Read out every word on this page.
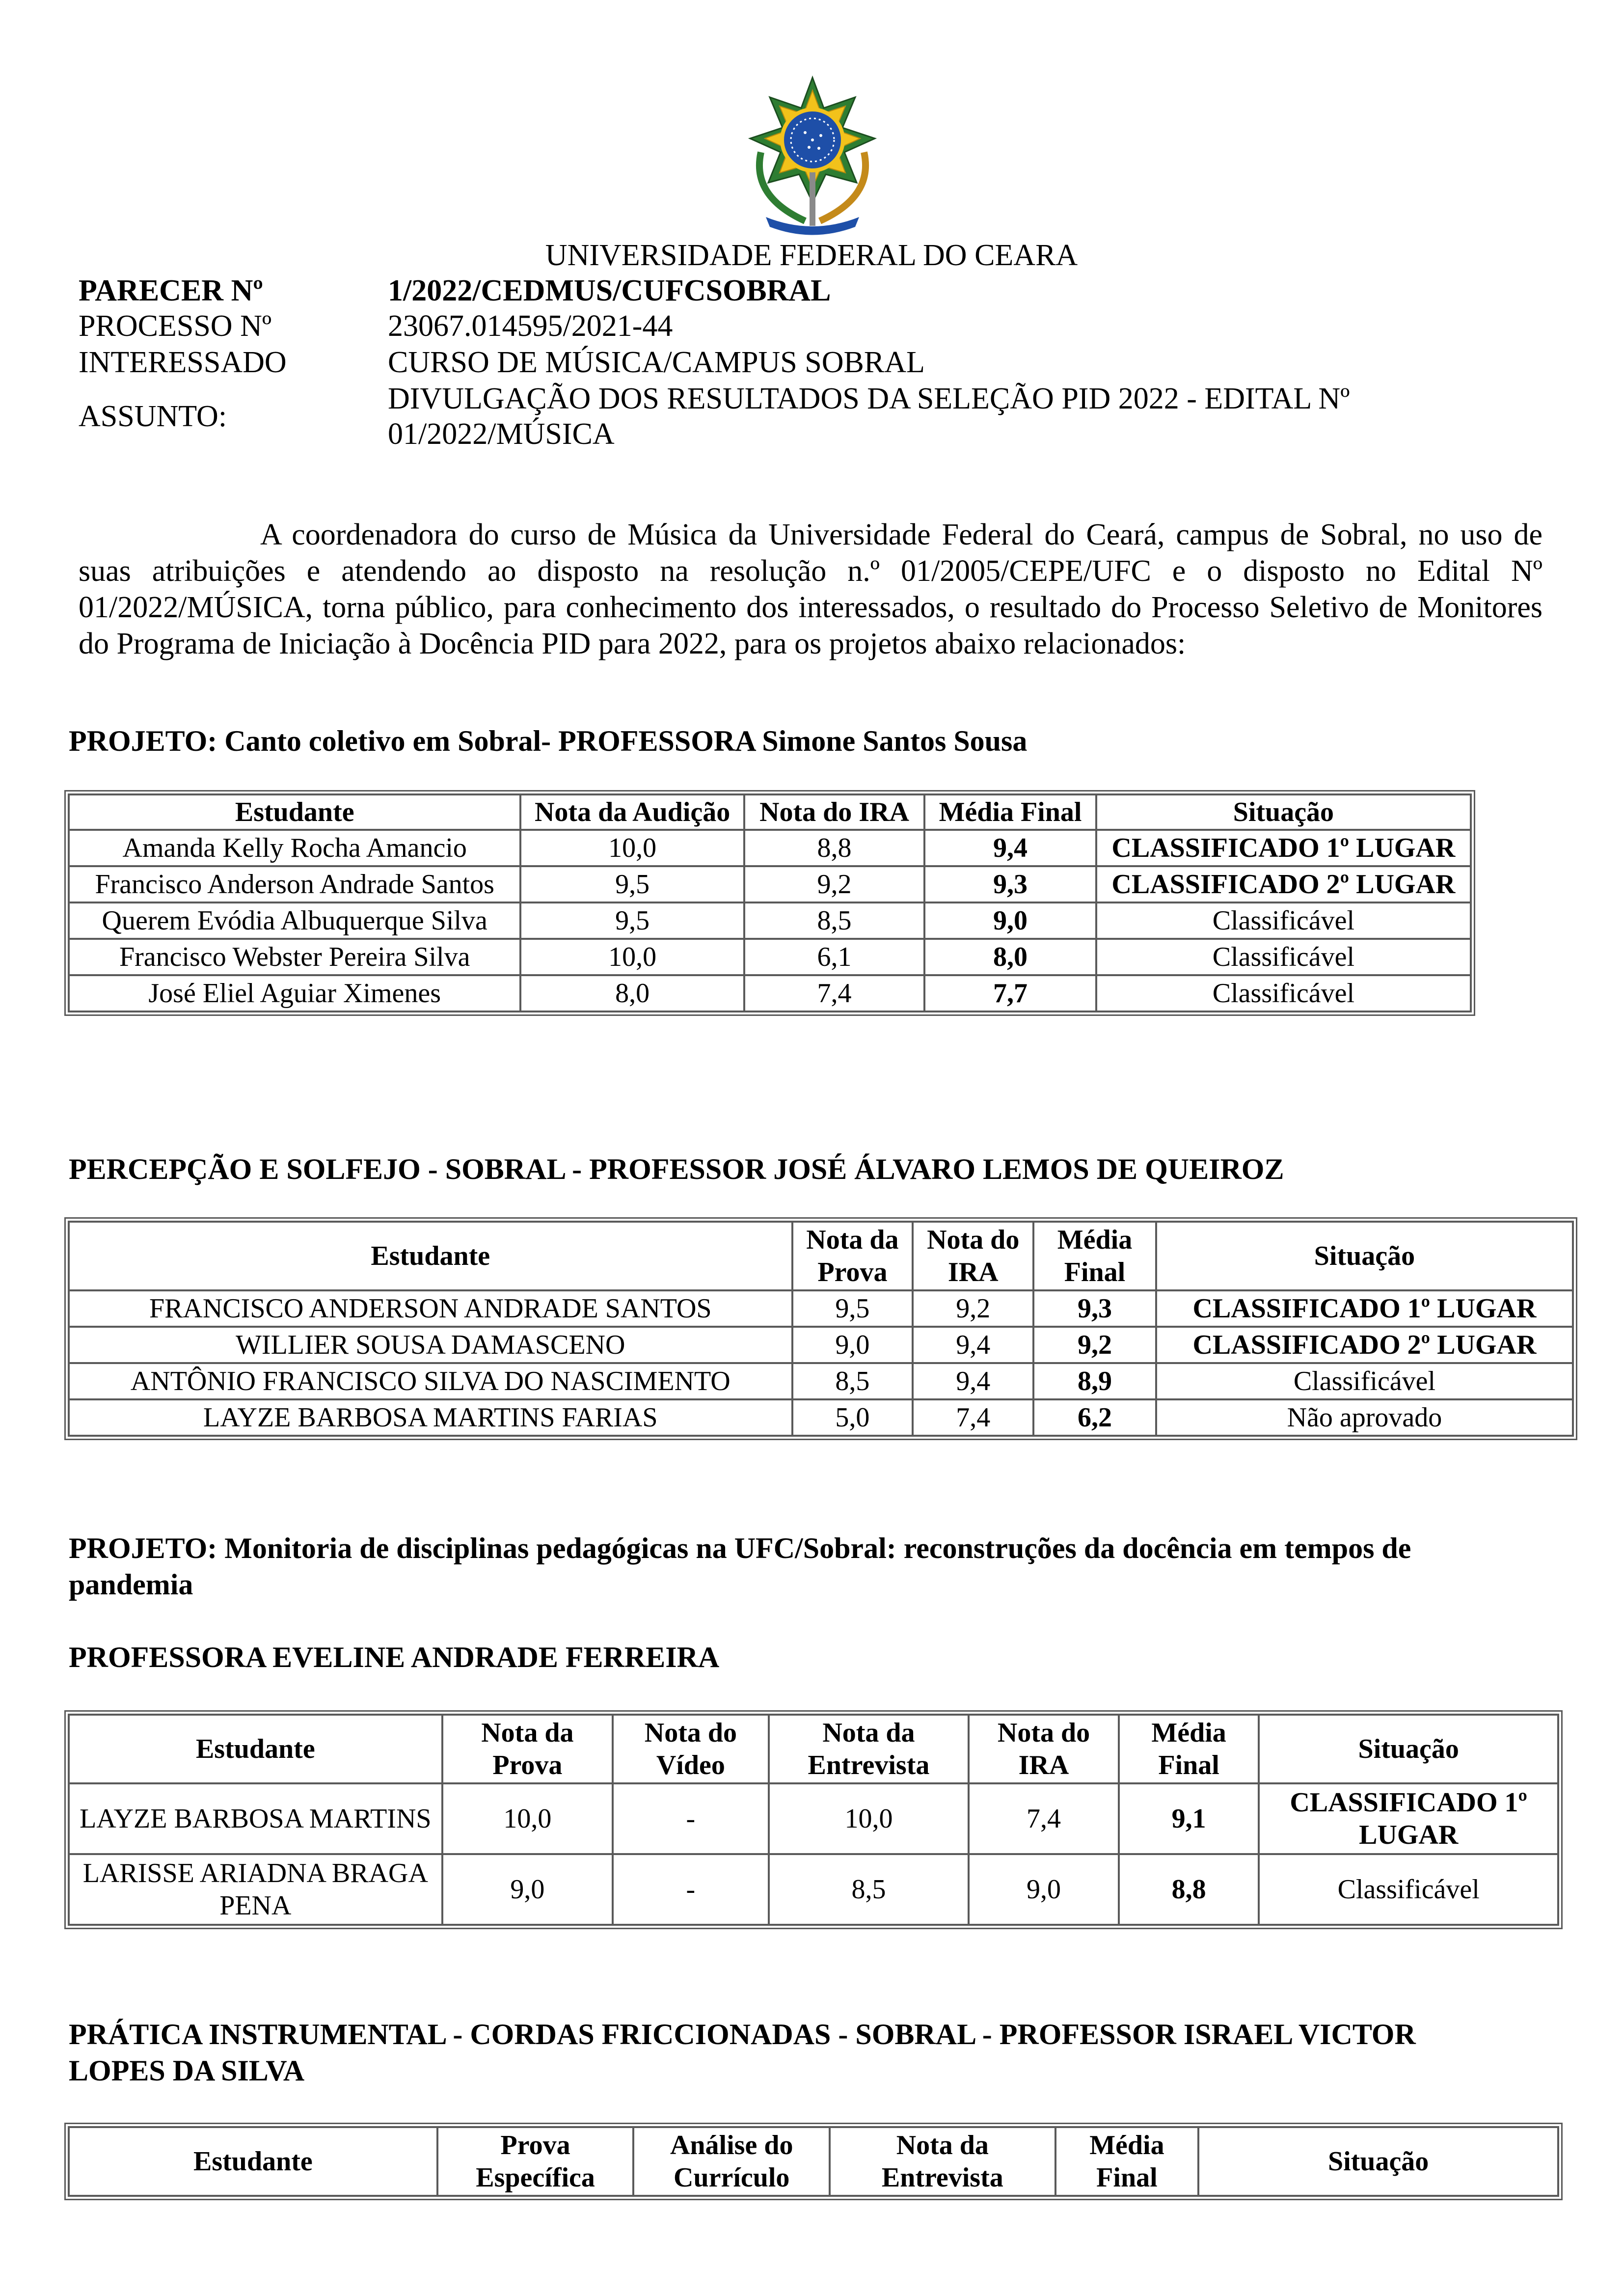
UNIVERSIDADE FEDERAL DO CEARA
PARECER Nº	1/2022/CEDMUS/CUFCSOBRAL
PROCESSO Nº	23067.014595/2021-44
INTERESSADO	CURSO DE MÚSICA/CAMPUS SOBRAL
ASSUNTO:
DIVULGAÇÃO DOS RESULTADOS DA SELEÇÃO PID 2022 - EDITAL Nº
01/2022/MÚSICA
A coordenadora do curso de Música da Universidade Federal do Ceará, campus de Sobral, no uso de suas atribuições e atendendo ao disposto na resolução n.º 01/2005/CEPE/UFC e o disposto no Edital Nº 01/2022/MÚSICA, torna público, para conhecimento dos interessados, o resultado do Processo Seletivo de Monitores do Programa de Iniciação à Docência PID para 2022, para os projetos abaixo relacionados:
PROJETO: Canto coletivo em Sobral- PROFESSORA Simone Santos Sousa
Estudante	Nota da Audição	Nota do IRA	Média Final	Situação
Amanda Kelly Rocha Amancio	10,0	8,8	9,4	CLASSIFICADO 1º LUGAR
Francisco Anderson Andrade Santos	9,5	9,2	9,3	CLASSIFICADO 2º LUGAR
Querem Evódia Albuquerque Silva	9,5	8,5	9,0	Classificável
Francisco Webster Pereira Silva	10,0	6,1	8,0	Classificável
José Eliel Aguiar Ximenes	8,0	7,4	7,7	Classificável
PERCEPÇÃO E SOLFEJO - SOBRAL - PROFESSOR JOSÉ ÁLVARO LEMOS DE QUEIROZ
Estudante	Nota da Prova	Nota do IRA	Média Final	Situação
FRANCISCO ANDERSON ANDRADE SANTOS	9,5	9,2	9,3	CLASSIFICADO 1º LUGAR
WILLIER SOUSA DAMASCENO	9,0	9,4	9,2	CLASSIFICADO 2º LUGAR
ANTÔNIO FRANCISCO SILVA DO NASCIMENTO	8,5	9,4	8,9	Classificável
LAYZE BARBOSA MARTINS FARIAS	5,0	7,4	6,2	Não aprovado
PROJETO: Monitoria de disciplinas pedagógicas na UFC/Sobral: reconstruções da docência em tempos de
pandemia
PROFESSORA EVELINE ANDRADE FERREIRA
Estudante	Nota da Prova	Nota do Vídeo	Nota da Entrevista	Nota do IRA	Média Final	Situação
LAYZE BARBOSA MARTINS	10,0	-	10,0	7,4	9,1	CLASSIFICADO 1º LUGAR
LARISSE ARIADNA BRAGA PENA	9,0	-	8,5	9,0	8,8	Classificável
PRÁTICA INSTRUMENTAL - CORDAS FRICCIONADAS - SOBRAL - PROFESSOR ISRAEL VICTOR
LOPES DA SILVA
Estudante	Prova Específica	Análise do Currículo	Nota da Entrevista	Média Final	Situação
